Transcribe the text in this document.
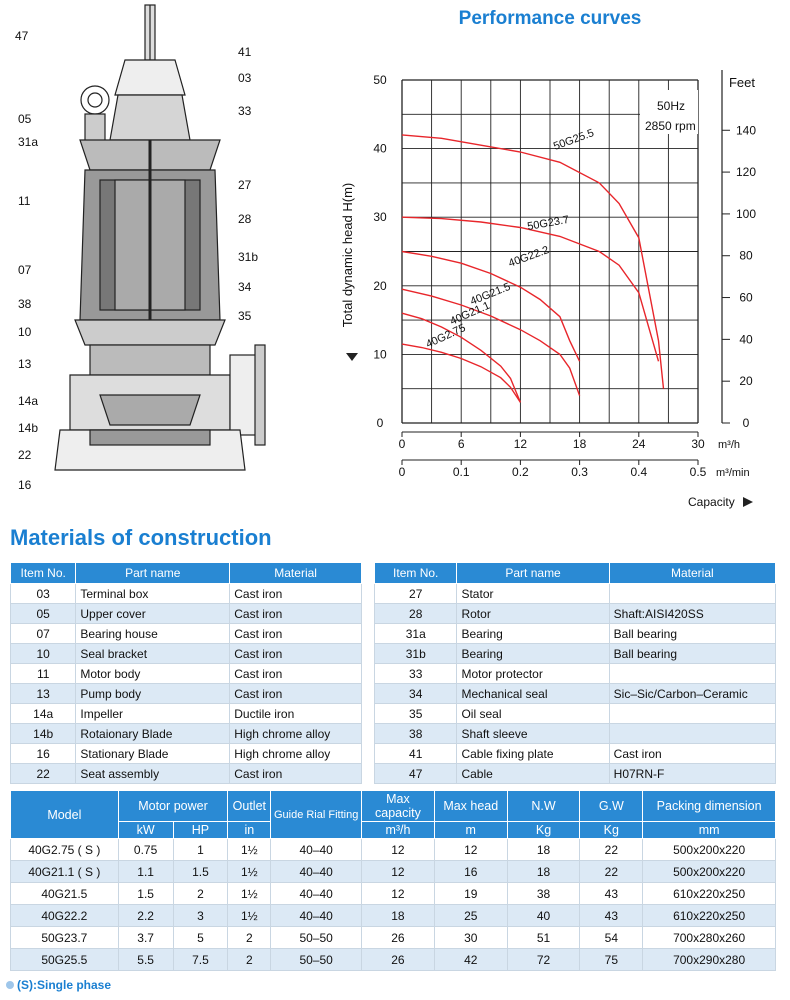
47
05
31a
11
07
38
10
13
14a
14b
22
16
41
03
33
27
28
31b
34
35
Performance curves
50Hz
2850 rpm
0
10
20
30
40
50	Feet
0
20
40
60
80
100
120
140
0	6	12	18	24	30 m³/h
0	0.1	0.2	0.3	0.4	0.5 m³/min
Capacity
Total dynamic head H(m)
50G25.5
50G23.7
40G22.2
40G21.5
40G21.1
40G2.75
Materials of construction
Item No.	Part name	Material
03	Terminal box	Cast iron
05	Upper cover	Cast iron
07	Bearing house	Cast iron
10	Seal bracket	Cast iron
11	Motor body	Cast iron
13	Pump body	Cast iron
14a	Impeller	Ductile iron
14b	Rotaionary Blade	High chrome alloy
16	Stationary Blade	High chrome alloy
22	Seat assembly	Cast iron
Item No.	Part name	Material
27	Stator	
28	Rotor	Shaft:AISI420SS
31a	Bearing	Ball bearing
31b	Bearing	Ball bearing
33	Motor protector	
34	Mechanical seal	Sic–Sic/Carbon–Ceramic
35	Oil seal	
38	Shaft sleeve	
41	Cable fixing plate	Cast iron
47	Cable	H07RN-F
Model	Motor power		Outlet	Guide Rial Fitting	Max capacity	Max head	N.W	G.W	Packing dimension
	kW	HP	in		m³/h	m	Kg	Kg	mm
40G2.75 ( S )	0.75	1	1½	40–40	12	12	18	22	500x200x220
40G21.1 ( S )	1.1	1.5	1½	40–40	12	16	18	22	500x200x220
40G21.5	1.5	2	1½	40–40	12	19	38	43	610x220x250
40G22.2	2.2	3	1½	40–40	18	25	40	43	610x220x250
50G23.7	3.7	5	2	50–50	26	30	51	54	700x280x260
50G25.5	5.5	7.5	2	50–50	26	42	72	75	700x290x280
(S):Single phase
